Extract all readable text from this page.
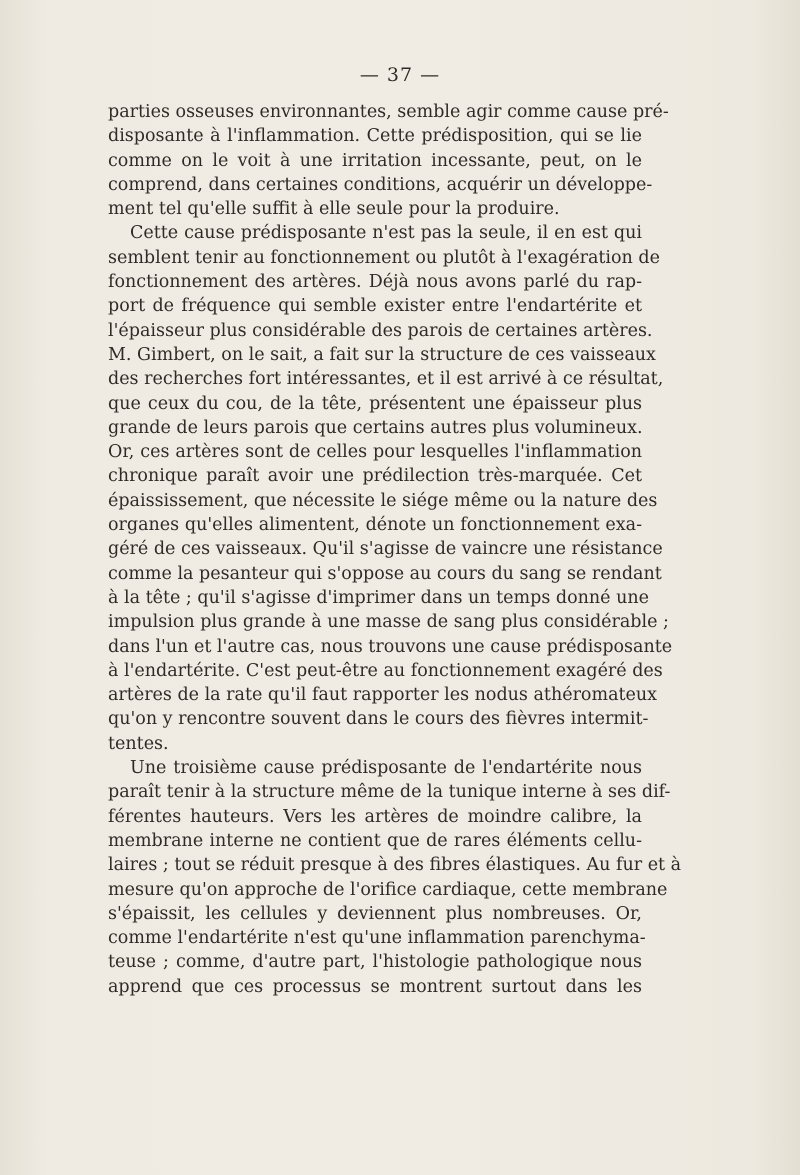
— 37 —
parties osseuses environnantes, semble agir comme cause pré-
disposante à l'inflammation. Cette prédisposition, qui se lie
comme on le voit à une irritation incessante, peut, on le
comprend, dans certaines conditions, acquérir un développe-
ment tel qu'elle suffit à elle seule pour la produire.
Cette cause prédisposante n'est pas la seule, il en est qui
semblent tenir au fonctionnement ou plutôt à l'exagération de
fonctionnement des artères. Déjà nous avons parlé du rap-
port de fréquence qui semble exister entre l'endartérite et
l'épaisseur plus considérable des parois de certaines artères.
M. Gimbert, on le sait, a fait sur la structure de ces vaisseaux
des recherches fort intéressantes, et il est arrivé à ce résultat,
que ceux du cou, de la tête, présentent une épaisseur plus
grande de leurs parois que certains autres plus volumineux.
Or, ces artères sont de celles pour lesquelles l'inflammation
chronique paraît avoir une prédilection très-marquée. Cet
épaississement, que nécessite le siége même ou la nature des
organes qu'elles alimentent, dénote un fonctionnement exa-
géré de ces vaisseaux. Qu'il s'agisse de vaincre une résistance
comme la pesanteur qui s'oppose au cours du sang se rendant
à la tête ; qu'il s'agisse d'imprimer dans un temps donné une
impulsion plus grande à une masse de sang plus considérable ;
dans l'un et l'autre cas, nous trouvons une cause prédisposante
à l'endartérite. C'est peut-être au fonctionnement exagéré des
artères de la rate qu'il faut rapporter les nodus athéromateux
qu'on y rencontre souvent dans le cours des fièvres intermit-
tentes.
Une troisième cause prédisposante de l'endartérite nous
paraît tenir à la structure même de la tunique interne à ses dif-
férentes hauteurs. Vers les artères de moindre calibre, la
membrane interne ne contient que de rares éléments cellu-
laires ; tout se réduit presque à des fibres élastiques. Au fur et à
mesure qu'on approche de l'orifice cardiaque, cette membrane
s'épaissit, les cellules y deviennent plus nombreuses. Or,
comme l'endartérite n'est qu'une inflammation parenchyma-
teuse ; comme, d'autre part, l'histologie pathologique nous
apprend que ces processus se montrent surtout dans les
